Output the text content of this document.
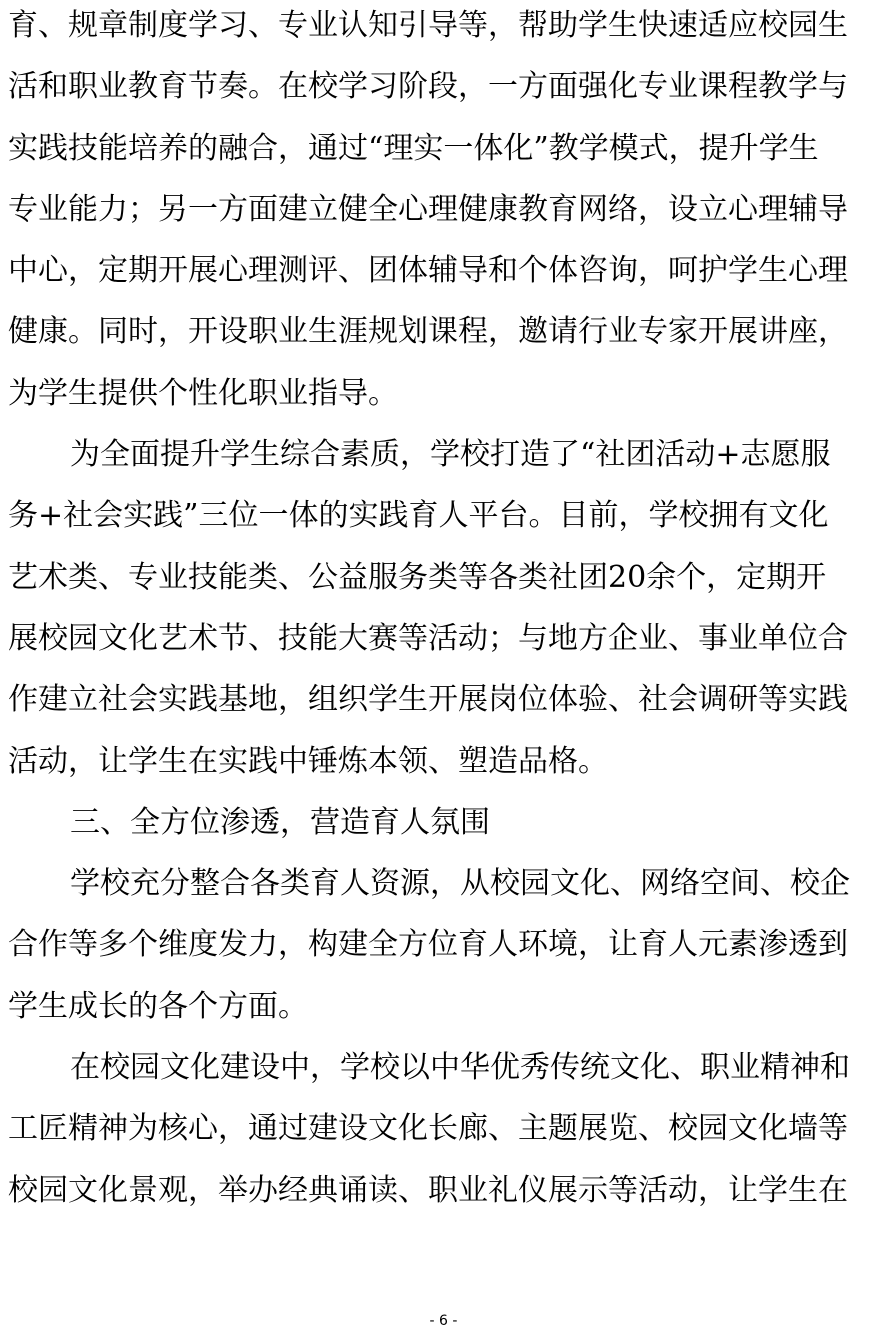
育、规章制度学习、专业认知引导等，帮助学生快速适应校园生
活和职业教育节奏。在校学习阶段，一方面强化专业课程教学与
实践技能培养的融合，通过“理实一体化”教学模式，提升学生
专业能力；另一方面建立健全心理健康教育网络，设立心理辅导
中心，定期开展心理测评、团体辅导和个体咨询，呵护学生心理
健康。同时，开设职业生涯规划课程，邀请行业专家开展讲座，
为学生提供个性化职业指导。
为全面提升学生综合素质，学校打造了“社团活动+志愿服
务+社会实践”三位一体的实践育人平台。目前，学校拥有文化
艺术类、专业技能类、公益服务类等各类社团20余个，定期开
展校园文化艺术节、技能大赛等活动；与地方企业、事业单位合
作建立社会实践基地，组织学生开展岗位体验、社会调研等实践
活动，让学生在实践中锤炼本领、塑造品格。
三、全方位渗透，营造育人氛围
学校充分整合各类育人资源，从校园文化、网络空间、校企
合作等多个维度发力，构建全方位育人环境，让育人元素渗透到
学生成长的各个方面。
在校园文化建设中，学校以中华优秀传统文化、职业精神和
工匠精神为核心，通过建设文化长廊、主题展览、校园文化墙等
校园文化景观，举办经典诵读、职业礼仪展示等活动，让学生在
- 6 -
